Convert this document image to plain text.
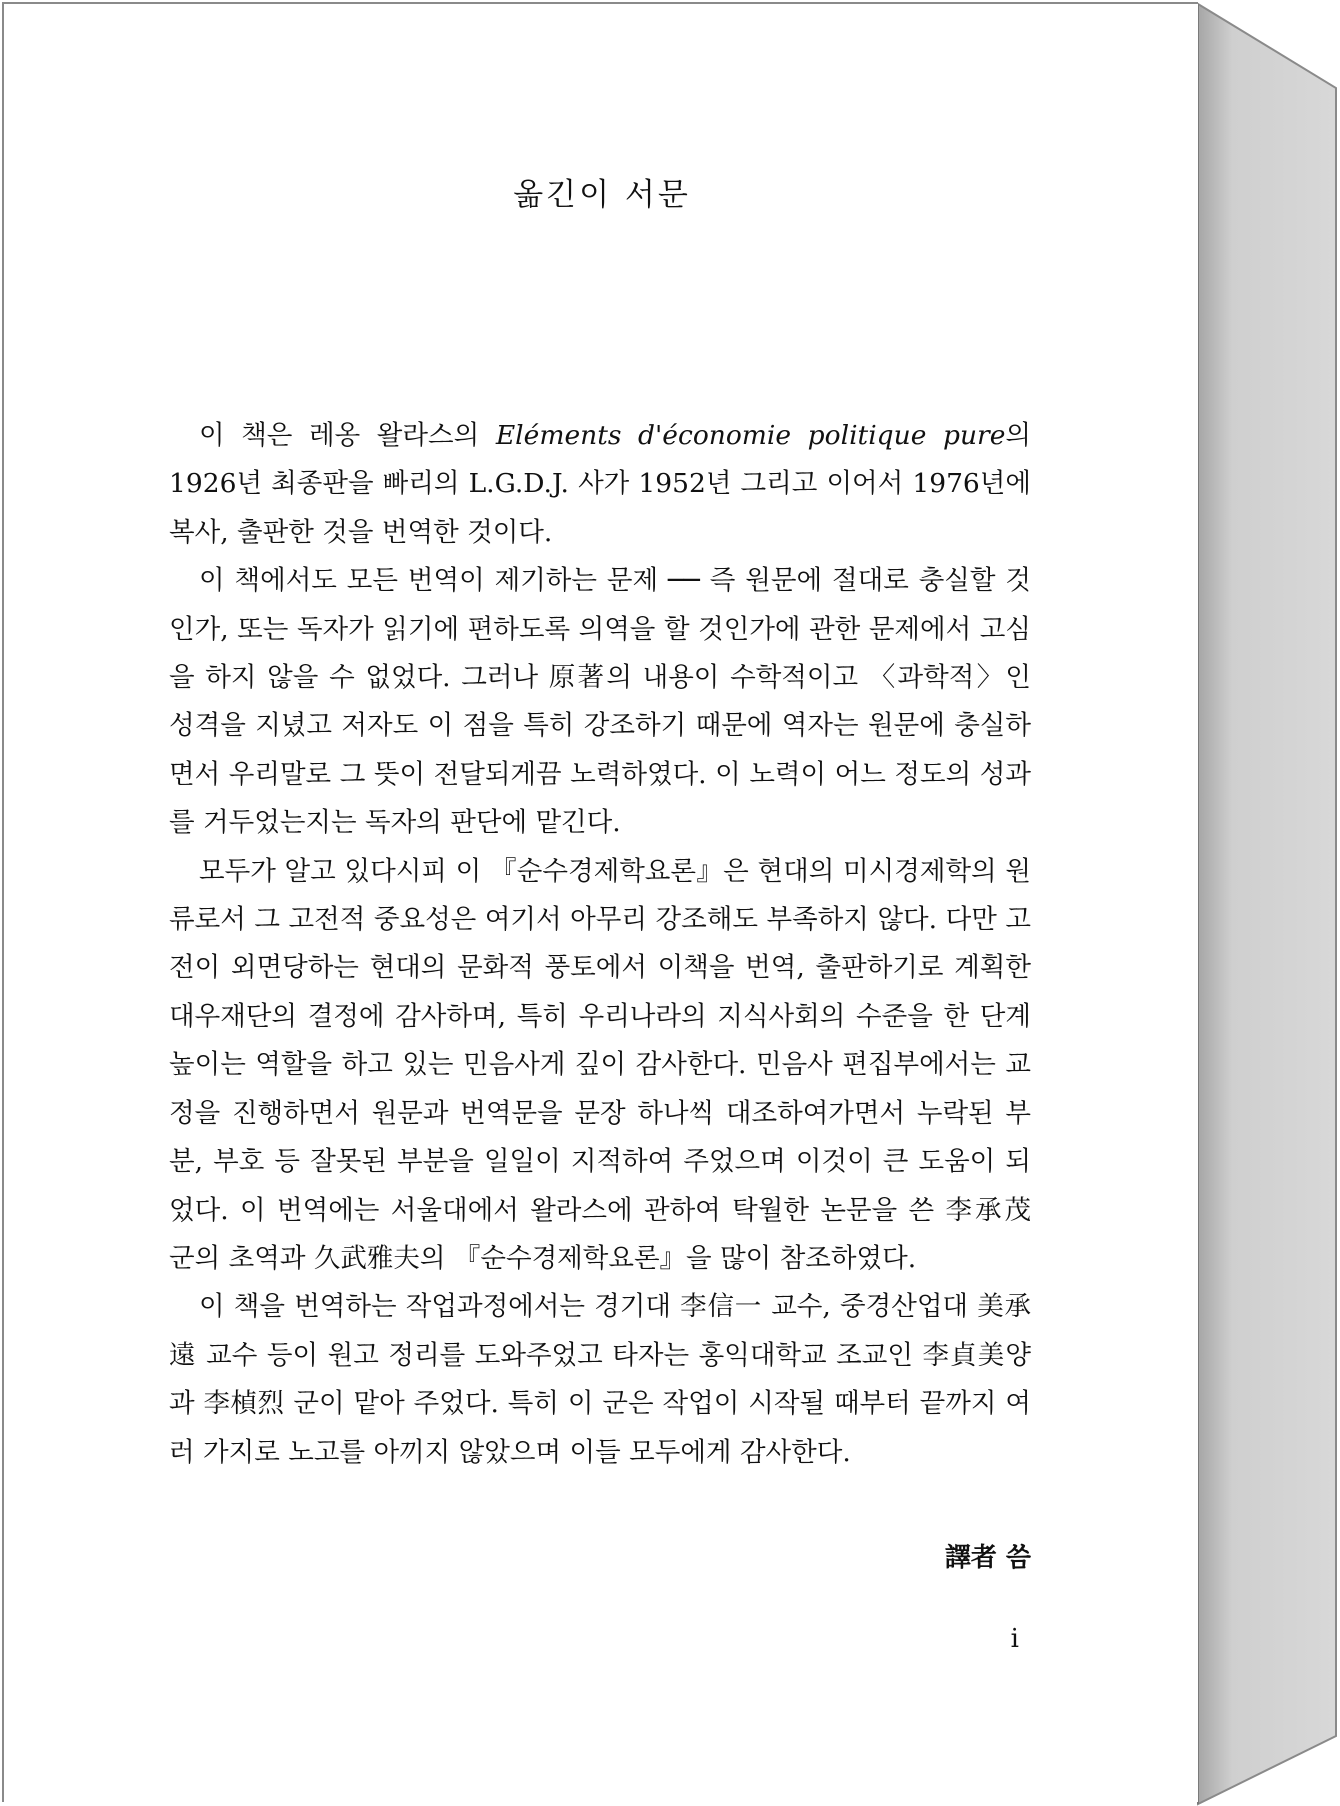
옮긴이 서문

이 책은 레옹 왈라스의 Eléments d'économie politique pure의 1926년 최종판을 빠리의 L.G.D.J. 사가 1952년 그리고 이어서 1976년에 복사, 출판한 것을 번역한 것이다.

이 책에서도 모든 번역이 제기하는 문제 ── 즉 원문에 절대로 충실할 것인가, 또는 독자가 읽기에 편하도록 의역을 할 것인가에 관한 문제에서 고심을 하지 않을 수 없었다. 그러나 原著의 내용이 수학적이고 〈과학적〉인 성격을 지녔고 저자도 이 점을 특히 강조하기 때문에 역자는 원문에 충실하면서 우리말로 그 뜻이 전달되게끔 노력하였다. 이 노력이 어느 정도의 성과를 거두었는지는 독자의 판단에 맡긴다.

모두가 알고 있다시피 이 『순수경제학요론』은 현대의 미시경제학의 원류로서 그 고전적 중요성은 여기서 아무리 강조해도 부족하지 않다. 다만 고전이 외면당하는 현대의 문화적 풍토에서 이책을 번역, 출판하기로 계획한 대우재단의 결정에 감사하며, 특히 우리나라의 지식사회의 수준을 한 단계 높이는 역할을 하고 있는 민음사게 깊이 감사한다. 민음사 편집부에서는 교정을 진행하면서 원문과 번역문을 문장 하나씩 대조하여가면서 누락된 부분, 부호 등 잘못된 부분을 일일이 지적하여 주었으며 이것이 큰 도움이 되었다. 이 번역에는 서울대에서 왈라스에 관하여 탁월한 논문을 쓴 李承茂 군의 초역과 久武雅夫의 『순수경제학요론』을 많이 참조하였다.

이 책을 번역하는 작업과정에서는 경기대 李信一 교수, 중경산업대 美承遠 교수 등이 원고 정리를 도와주었고 타자는 홍익대학교 조교인 李貞美양과 李楨烈 군이 맡아 주었다. 특히 이 군은 작업이 시작될 때부터 끝까지 여러 가지로 노고를 아끼지 않았으며 이들 모두에게 감사한다.

譯者 씀

i
